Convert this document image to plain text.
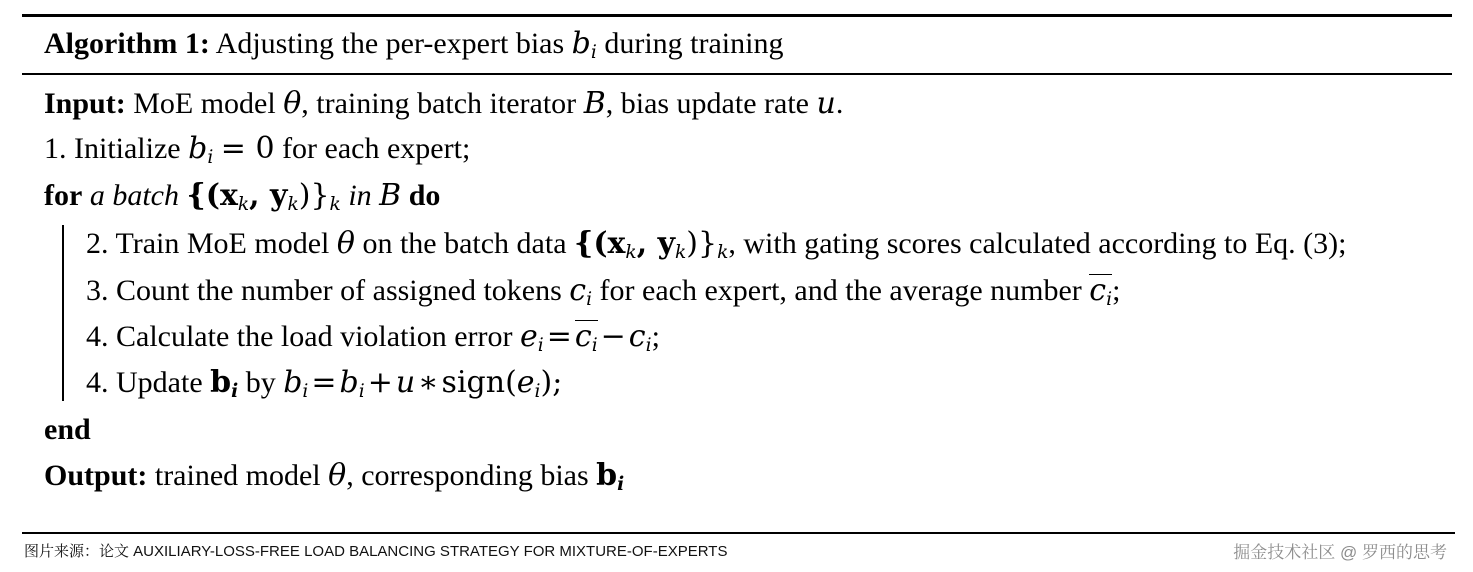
Algorithm 1: Adjusting the per-expert bias $b_i$ during training
Input: MoE model θ, training batch iterator B, bias update rate u.
1. Initialize $b_i = 0$ for each expert;
for a batch {($x_k$, $y_k)\}_k$ in B do
2. Train MoE model θ on the batch data {($x_k$, $y_k)\}_k$, with gating scores calculated according to Eq. (3);
3. Count the number of assigned tokens $c_i$ for each expert, and the average number $c_i$;
4. Calculate the load violation error $e_i = c_i - c_i$;
4. Update $b_i$ by $b_i = b_i + u$ ∗ $sign(e_i)$;
end
Output: trained model θ, corresponding bias $b_i$
图片来源：论文 AUXILIARY-LOSS-FREE LOAD BALANCING STRATEGY FOR MIXTURE-OF-EXPERTS	掘金技术社区 @ 罗西的思考
